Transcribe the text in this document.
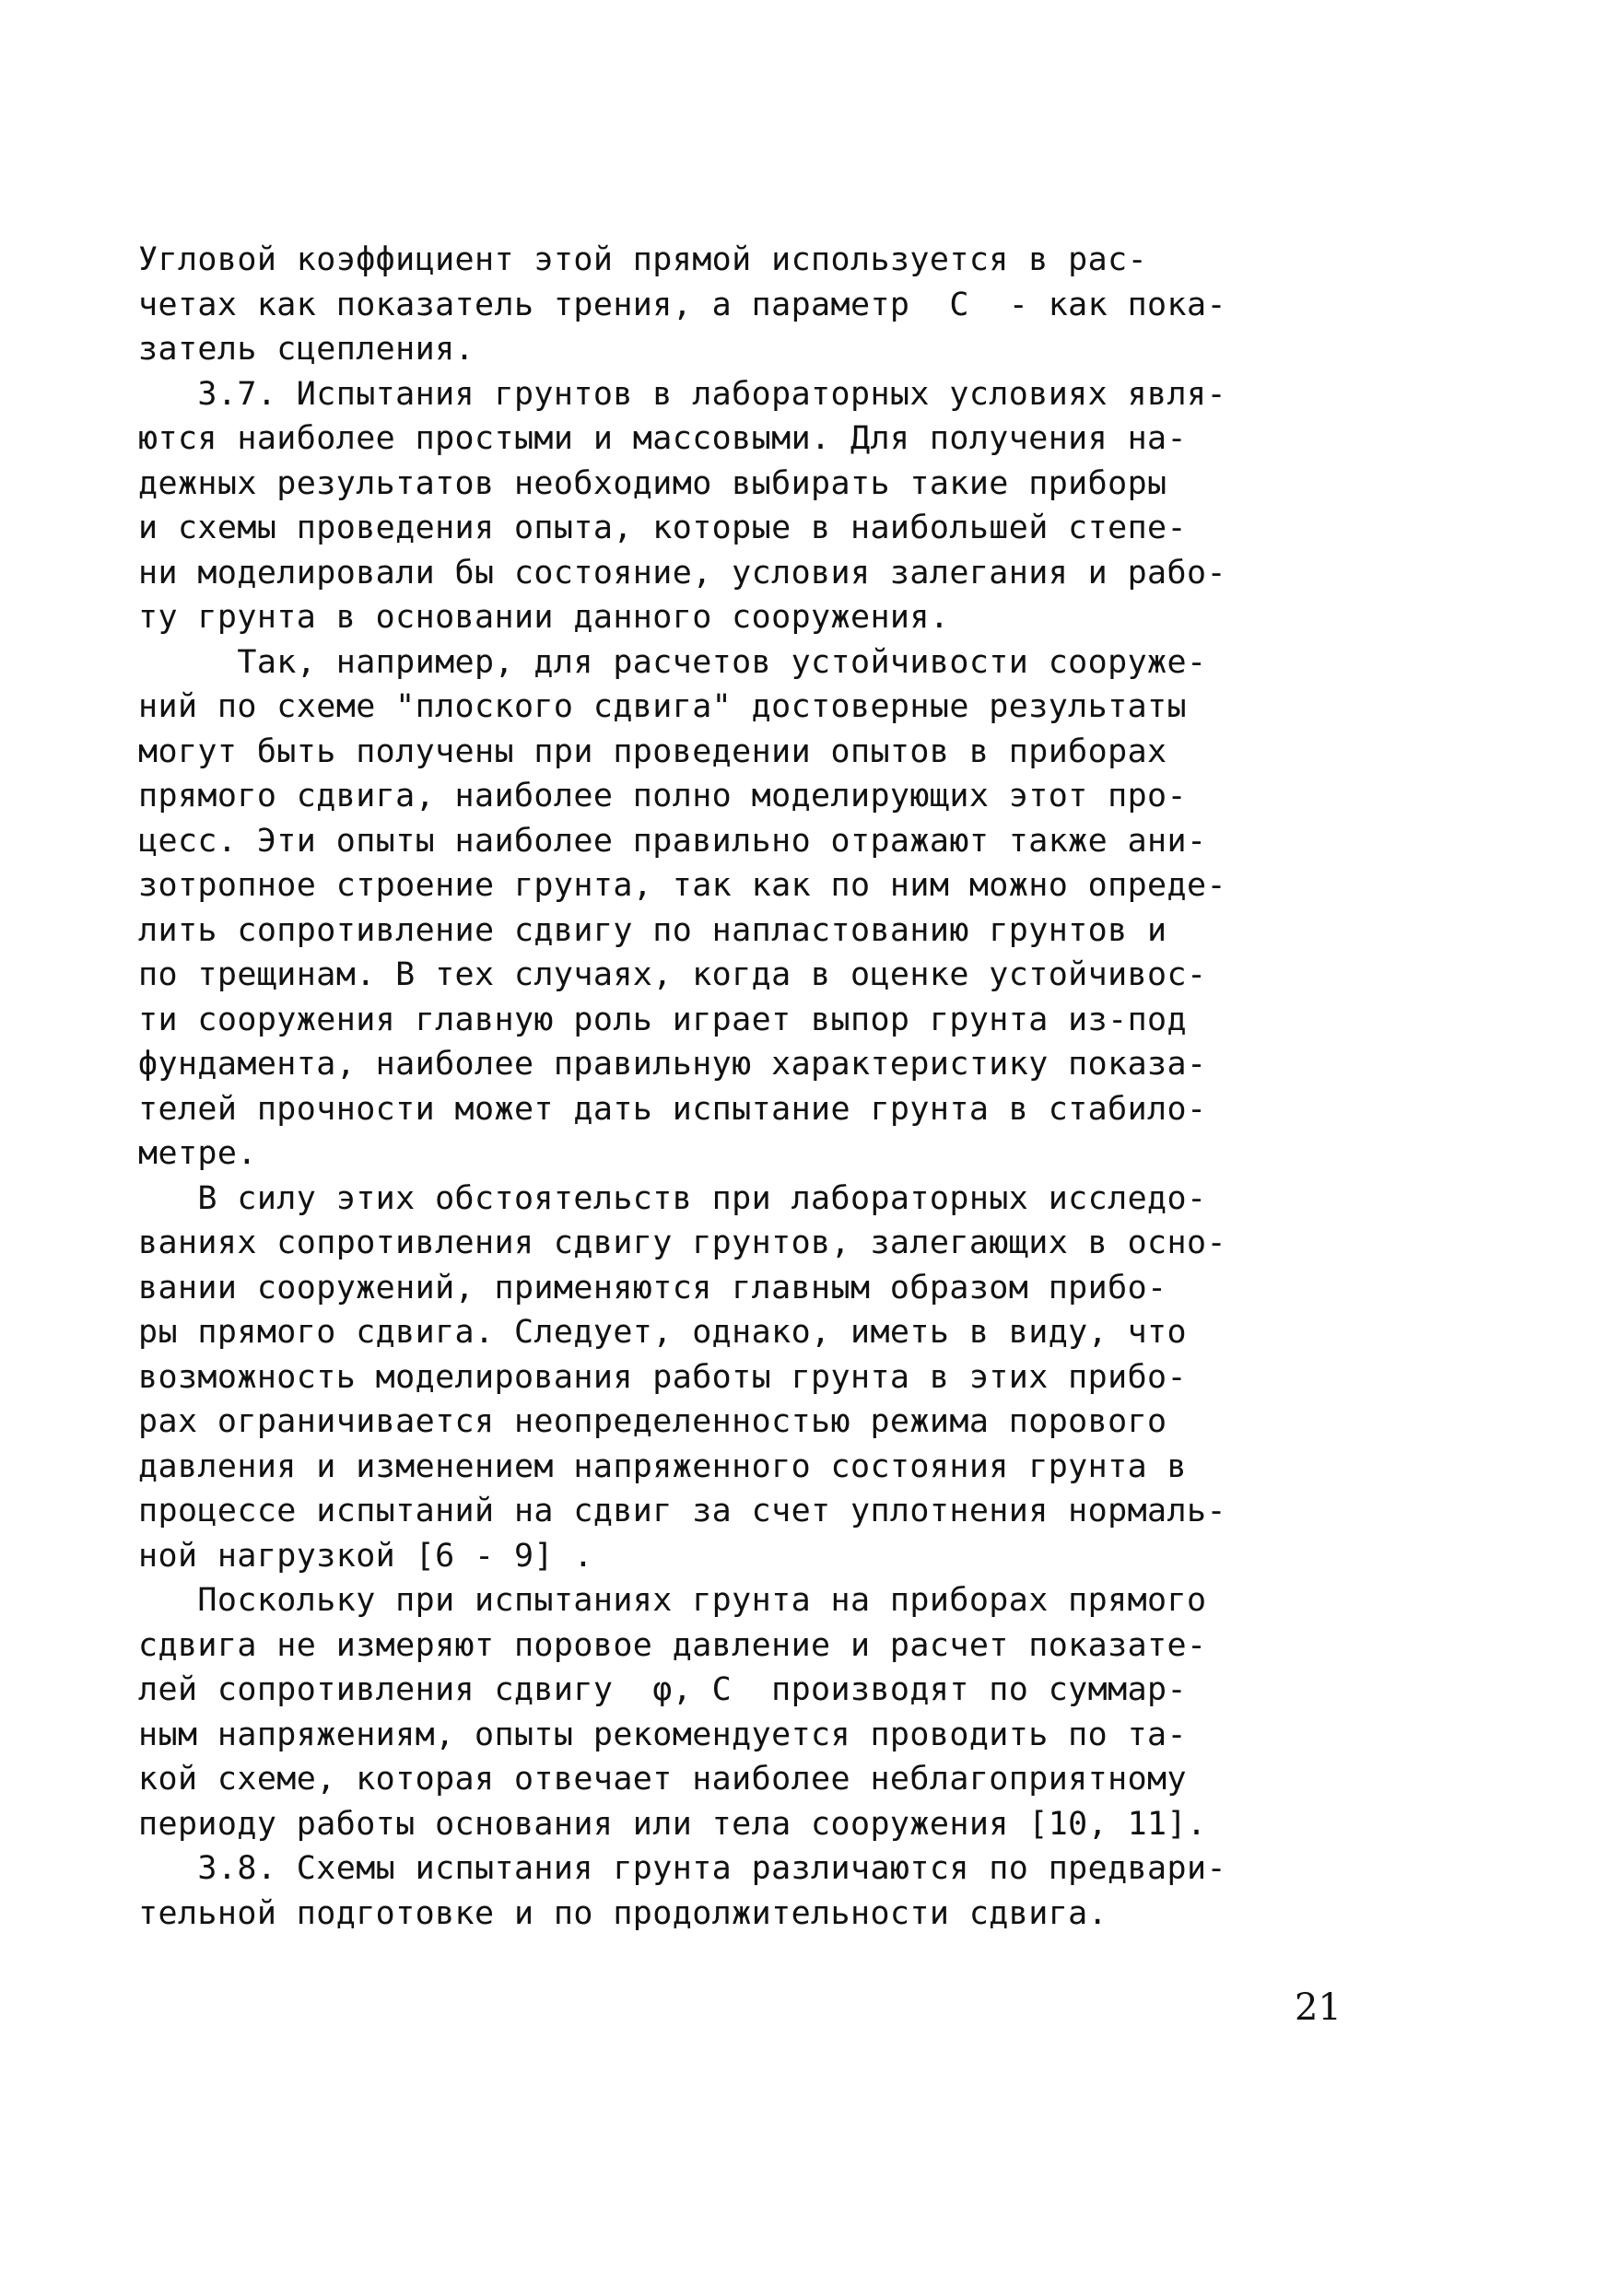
Угловой коэффициент этой прямой используется в рас-
четах как показатель трения, а параметр  C  - как пока-
затель сцепления.
3.7. Испытания грунтов в лабораторных условиях явля-
ются наиболее простыми и массовыми. Для получения на-
дежных результатов необходимо выбирать такие приборы
и схемы проведения опыта, которые в наибольшей степе-
ни моделировали бы состояние, условия залегания и рабо-
ту грунта в основании данного сооружения.
Так, например, для расчетов устойчивости сооруже-
ний по схеме "плоского сдвига" достоверные результаты
могут быть получены при проведении опытов в приборах
прямого сдвига, наиболее полно моделирующих этот про-
цесс. Эти опыты наиболее правильно отражают также ани-
зотропное строение грунта, так как по ним можно опреде-
лить сопротивление сдвигу по напластованию грунтов и
по трещинам. В тех случаях, когда в оценке устойчивос-
ти сооружения главную роль играет выпор грунта из-под
фундамента, наиболее правильную характеристику показа-
телей прочности может дать испытание грунта в стабило-
метре.
В силу этих обстоятельств при лабораторных исследо-
ваниях сопротивления сдвигу грунтов, залегающих в осно-
вании сооружений, применяются главным образом прибо-
ры прямого сдвига. Следует, однако, иметь в виду, что
возможность моделирования работы грунта в этих прибо-
рах ограничивается неопределенностью режима порового
давления и изменением напряженного состояния грунта в
процессе испытаний на сдвиг за счет уплотнения нормаль-
ной нагрузкой [6 - 9] .
Поскольку при испытаниях грунта на приборах прямого
сдвига не измеряют поровое давление и расчет показате-
лей сопротивления сдвигу  φ, C  производят по суммар-
ным напряжениям, опыты рекомендуется проводить по та-
кой схеме, которая отвечает наиболее неблагоприятному
периоду работы основания или тела сооружения [10, 11].
3.8. Схемы испытания грунта различаются по предвари-
тельной подготовке и по продолжительности сдвига.
21
